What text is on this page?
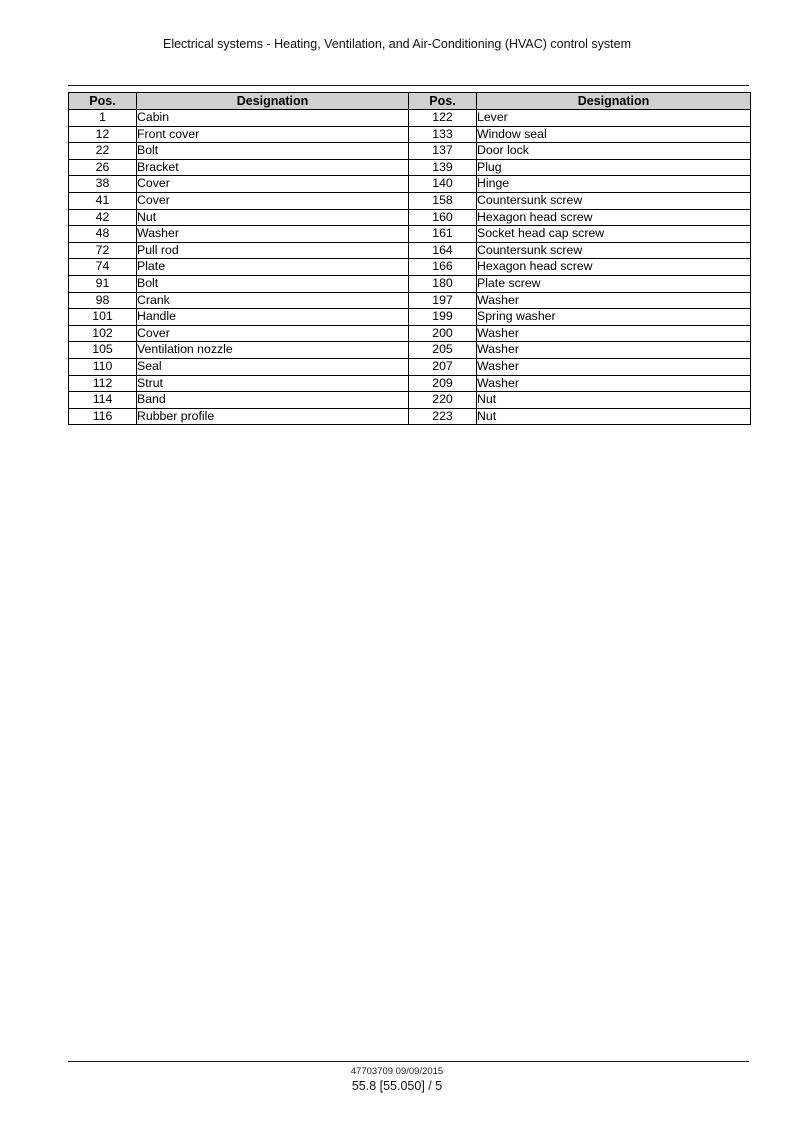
Electrical systems - Heating, Ventilation, and Air-Conditioning (HVAC) control system
Pos.	Designation	Pos.	Designation
1	Cabin	122	Lever
12	Front cover	133	Window seal
22	Bolt	137	Door lock
26	Bracket	139	Plug
38	Cover	140	Hinge
41	Cover	158	Countersunk screw
42	Nut	160	Hexagon head screw
48	Washer	161	Socket head cap screw
72	Pull rod	164	Countersunk screw
74	Plate	166	Hexagon head screw
91	Bolt	180	Plate screw
98	Crank	197	Washer
101	Handle	199	Spring washer
102	Cover	200	Washer
105	Ventilation nozzle	205	Washer
110	Seal	207	Washer
112	Strut	209	Washer
114	Band	220	Nut
116	Rubber profile	223	Nut
47703709 09/09/2015
55.8 [55.050] / 5
